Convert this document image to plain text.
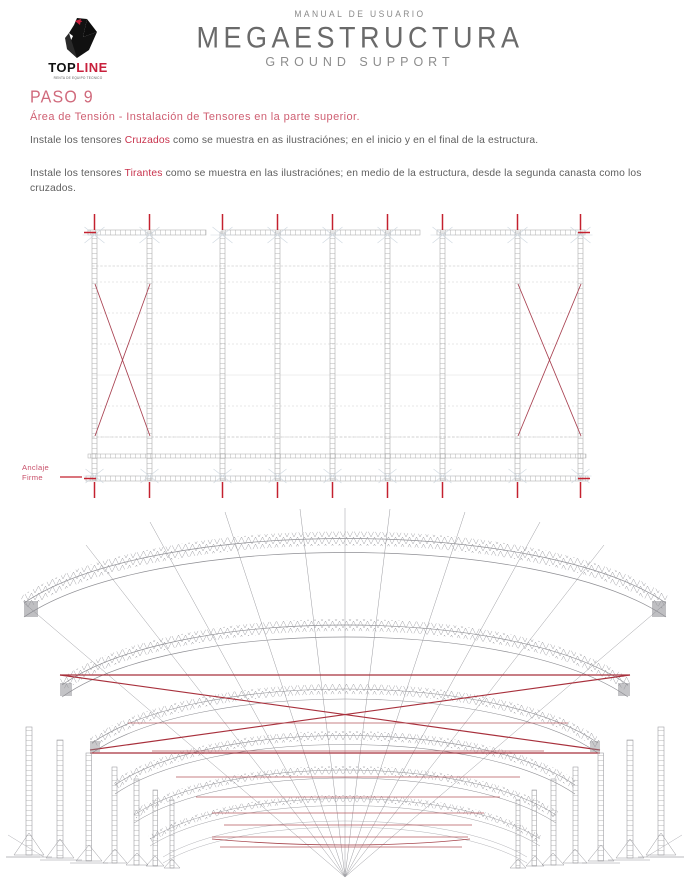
TOPLINE
RENTA DE EQUIPO TECNICO
MANUAL DE USUARIO
MEGAESTRUCTURA
GROUND SUPPORT
PASO 9
Área de Tensión - Instalación de Tensores en la parte superior.

Instale los tensores Cruzados como se muestra en as ilustraciónes; en el inicio y en el final de la estructura.

Instale los tensores Tirantes como se muestra en las ilustraciónes; en medio de la estructura, desde la segunda canasta como los cruzados.

Anclaje
Firme
